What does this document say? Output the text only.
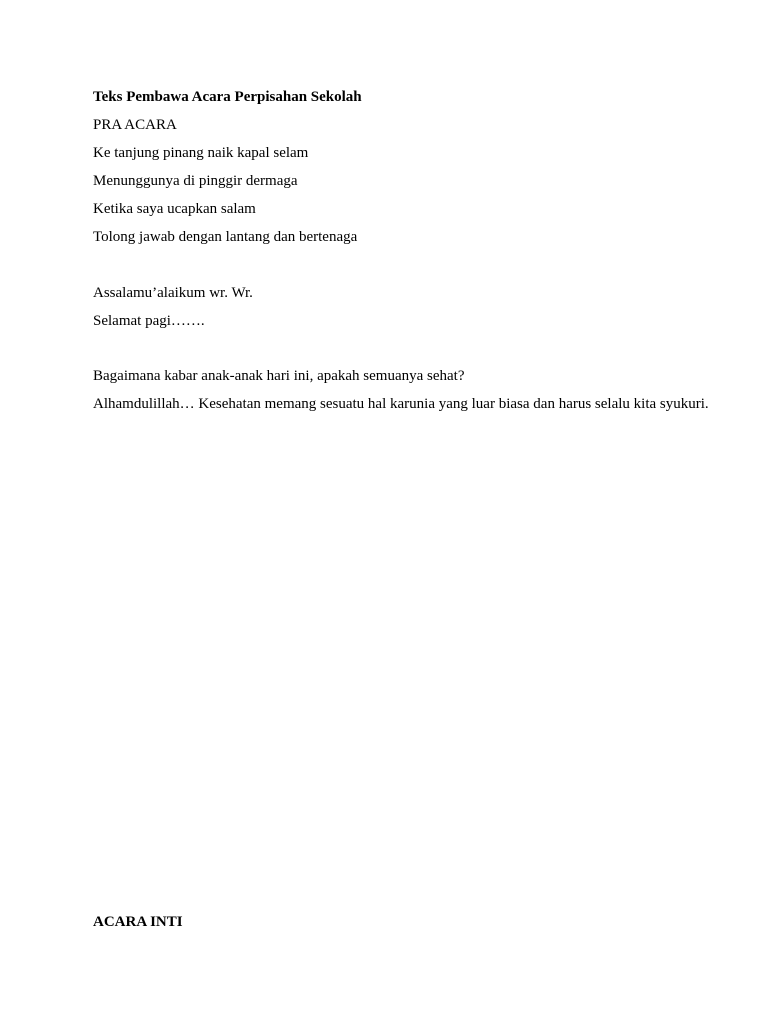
Teks Pembawa Acara Perpisahan Sekolah
PRA ACARA
Ke tanjung pinang naik kapal selam
Menunggunya di pinggir dermaga
Ketika saya ucapkan salam
Tolong jawab dengan lantang dan bertenaga
Assalamu’alaikum wr. Wr.
Selamat pagi…….
Bagaimana kabar anak-anak hari ini, apakah semuanya sehat?
Alhamdulillah… Kesehatan memang sesuatu hal karunia yang luar biasa dan harus selalu kita syukuri.
ACARA INTI
